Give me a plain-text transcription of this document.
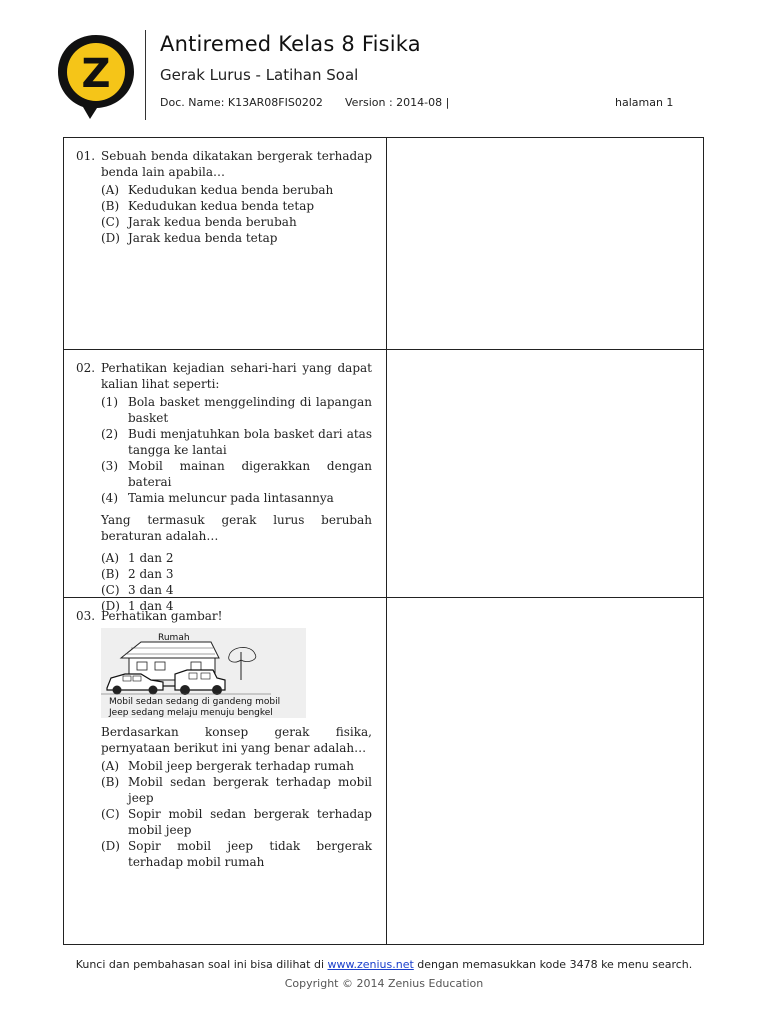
Z
Antiremed Kelas 8 Fisika
Gerak Lurus - Latihan Soal
Doc. Name: K13AR08FIS0202 Version : 2014-08 |	halaman 1
01. Sebuah benda dikatakan bergerak terhadap benda lain apabila…
(A) Kedudukan kedua benda berubah
(B) Kedudukan kedua benda tetap
(C) Jarak kedua benda berubah
(D) Jarak kedua benda tetap
02. Perhatikan kejadian sehari-hari yang dapat kalian lihat seperti:
(1) Bola basket menggelinding di lapangan basket
(2) Budi menjatuhkan bola basket dari atas tangga ke lantai
(3) Mobil mainan digerakkan dengan baterai
(4) Tamia meluncur pada lintasannya
Yang termasuk gerak lurus berubah beraturan adalah…
(A) 1 dan 2
(B) 2 dan 3
(C) 3 dan 4
(D) 1 dan 4
03. Perhatikan gambar!
Rumah
Mobil sedan sedang di gandeng mobil
Jeep sedang melaju menuju bengkel
Berdasarkan konsep gerak fisika, pernyataan berikut ini yang benar adalah…
(A) Mobil jeep bergerak terhadap rumah
(B) Mobil sedan bergerak terhadap mobil jeep
(C) Sopir mobil sedan bergerak terhadap mobil jeep
(D) Sopir mobil jeep tidak bergerak terhadap mobil rumah
Kunci dan pembahasan soal ini bisa dilihat di www.zenius.net dengan memasukkan kode 3478 ke menu search.
Copyright © 2014 Zenius Education
